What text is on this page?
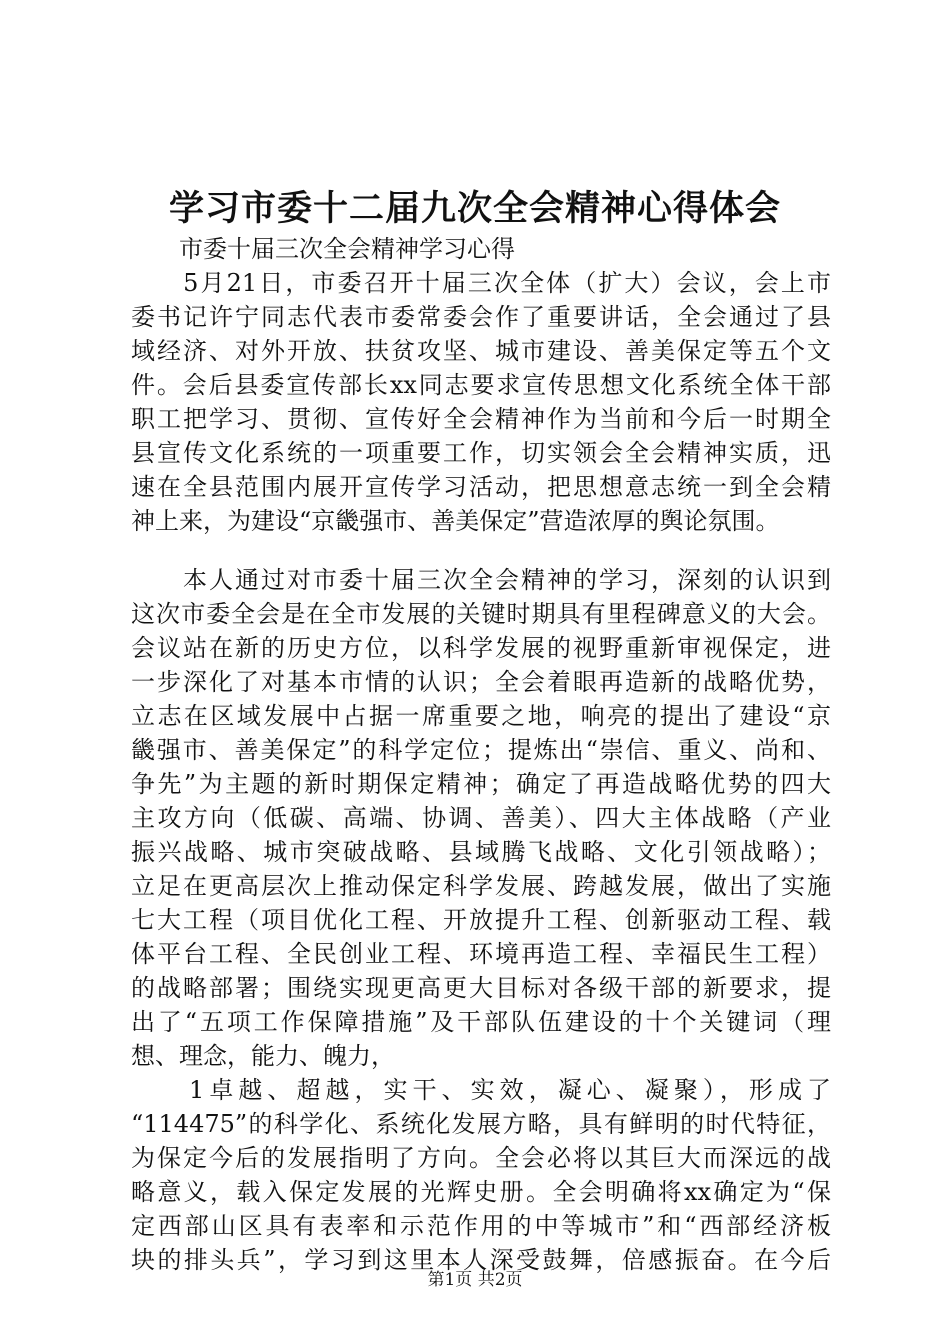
学习市委十二届九次全会精神心得体会
　　市委十届三次全会精神学习心得
　　5月21日，市委召开十届三次全体（扩大）会议，会上市
委书记许宁同志代表市委常委会作了重要讲话，全会通过了县
域经济、对外开放、扶贫攻坚、城市建设、善美保定等五个文
件。会后县委宣传部长xx同志要求宣传思想文化系统全体干部
职工把学习、贯彻、宣传好全会精神作为当前和今后一时期全
县宣传文化系统的一项重要工作，切实领会全会精神实质，迅
速在全县范围内展开宣传学习活动，把思想意志统一到全会精
神上来，为建设“京畿强市、善美保定”营造浓厚的舆论氛围。
　　本人通过对市委十届三次全会精神的学习，深刻的认识到
这次市委全会是在全市发展的关键时期具有里程碑意义的大会。
会议站在新的历史方位，以科学发展的视野重新审视保定，进
一步深化了对基本市情的认识；全会着眼再造新的战略优势，
立志在区域发展中占据一席重要之地，响亮的提出了建设“京
畿强市、善美保定”的科学定位；提炼出“崇信、重义、尚和、
争先”为主题的新时期保定精神；确定了再造战略优势的四大
主攻方向（低碳、高端、协调、善美）、四大主体战略（产业
振兴战略、城市突破战略、县域腾飞战略、文化引领战略）；
立足在更高层次上推动保定科学发展、跨越发展，做出了实施
七大工程（项目优化工程、开放提升工程、创新驱动工程、载
体平台工程、全民创业工程、环境再造工程、幸福民生工程）
的战略部署；围绕实现更高更大目标对各级干部的新要求，提
出了“五项工作保障措施”及干部队伍建设的十个关键词（理
想、理念，能力、魄力，
　　1卓越、超越，实干、实效，凝心、凝聚），形成了
“114475”的科学化、系统化发展方略，具有鲜明的时代特征，
为保定今后的发展指明了方向。全会必将以其巨大而深远的战
略意义，载入保定发展的光辉史册。全会明确将xx确定为“保
定西部山区具有表率和示范作用的中等城市”和“西部经济板
块的排头兵”，学习到这里本人深受鼓舞，倍感振奋。在今后
第1页 共2页
